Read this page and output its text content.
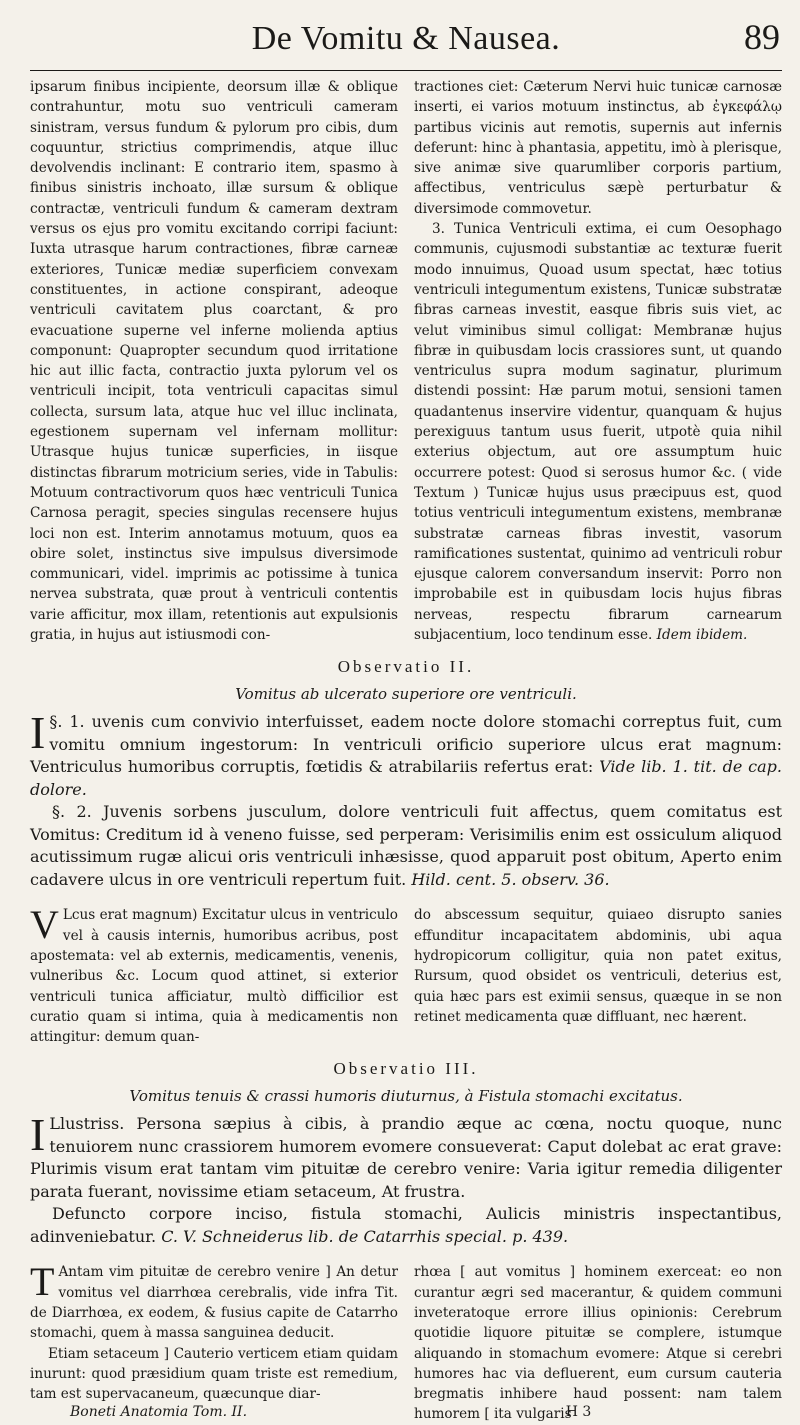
De Vomitu & Nausea.	89

ipsarum finibus incipiente, deorsum illæ & oblique contrahuntur, motu suo ventriculi cameram sinistram, versus fundum & pylorum pro cibis, dum coquuntur, strictius comprimendis, atque illuc devolvendis inclinant: E contrario item, spasmo à finibus sinistris inchoato, illæ sursum & oblique contractæ, ventriculi fundum & cameram dextram versus os ejus pro vomitu excitando corripi faciunt: Iuxta utrasque harum contractiones, fibræ carneæ exteriores, Tunicæ mediæ superficiem convexam constituentes, in actione conspirant, adeoque ventriculi cavitatem plus coarctant, & pro evacuatione superne vel inferne molienda aptius componunt: Quapropter secundum quod irritatione hic aut illic facta, contractio juxta pylorum vel os ventriculi incipit, tota ventriculi capacitas simul collecta, sursum lata, atque huc vel illuc inclinata, egestionem supernam vel infernam mollitur: Utrasque hujus tunicæ superficies, in iisque distinctas fibrarum motricium series, vide in Tabulis: Motuum contractivorum quos hæc ventriculi Tunica Carnosa peragit, species singulas recensere hujus loci non est. Interim annotamus motuum, quos ea obire solet, instinctus sive impulsus diversimode communicari, videl. imprimis ac potissime à tunica nervea substrata, quæ prout à ventriculi contentis varie afficitur, mox illam, retentionis aut expulsionis gratia, in hujus aut istiusmodi con-

tractiones ciet: Cæterum Nervi huic tunicæ carnosæ inserti, ei varios motuum instinctus, ab ἐγκεφάλῳ partibus vicinis aut remotis, supernis aut infernis deferunt: hinc à phantasia, appetitu, imò à plerisque, sive animæ sive quarumliber corporis partium, affectibus, ventriculus sæpè perturbatur & diversimode commovetur.

3. Tunica Ventriculi extima, ei cum Oesophago communis, cujusmodi substantiæ ac texturæ fuerit modo innuimus, Quoad usum spectat, hæc totius ventriculi integumentum existens, Tunicæ substratæ fibras carneas investit, easque fibris suis viet, ac velut viminibus simul colligat: Membranæ hujus fibræ in quibusdam locis crassiores sunt, ut quando ventriculus supra modum saginatur, plurimum distendi possint: Hæ parum motui, sensioni tamen quadantenus inservire videntur, quanquam & hujus perexiguus tantum usus fuerit, utpotè quia nihil exterius objectum, aut ore assumptum huic occurrere potest: Quod si serosus humor &c. ( vide Textum ) Tunicæ hujus usus præcipuus est, quod totius ventriculi integumentum existens, membranæ substratæ carneas fibras investit, vasorum ramificationes sustentat, quinimo ad ventriculi robur ejusque calorem conversandum inservit: Porro non improbabile est in quibusdam locis hujus fibras nerveas, respectu fibrarum carnearum subjacentium, loco tendinum esse. Idem ibidem.

Observatio II.
Vomitus ab ulcerato superiore ore ventriculi.

§. 1.
I	uvenis cum convivio interfuisset, eadem nocte dolore stomachi correptus fuit, cum vomitu omnium ingestorum: In ventriculi orificio superiore ulcus erat magnum: Ventriculus humoribus corruptis, fœtidis & atrabilariis refertus erat: Vide lib. 1. tit. de cap. dolore.

§. 2. Juvenis sorbens jusculum, dolore ventriculi fuit affectus, quem comitatus est Vomitus: Creditum id à veneno fuisse, sed perperam: Verisimilis enim est ossiculum aliquod acutissimum rugæ alicui oris ventriculi inhæsisse, quod apparuit post obitum, Aperto enim cadavere ulcus in ore ventriculi repertum fuit. Hild. cent. 5. observ. 36.

V Lcus erat magnum) Excitatur ulcus in ventriculo vel à causis internis, humoribus acribus, post apostemata: vel ab externis, medicamentis, venenis, vulneribus &c. Locum quod attinet, si exterior ventriculi tunica afficiatur, multò difficilior est curatio quam si intima, quia à medicamentis non attingitur: demum quan-

do abscessum sequitur, quiaeo disrupto sanies effunditur incapacitatem abdominis, ubi aqua hydropicorum colligitur, quia non patet exitus, Rursum, quod obsidet os ventriculi, deterius est, quia hæc pars est eximii sensus, quæque in se non retinet medicamenta quæ diffluant, nec hærent.

Observatio III.
Vomitus tenuis & crassi humoris diuturnus, à Fistula stomachi excitatus.

I Llustriss. Persona sæpius à cibis, à prandio æque ac cœna, noctu quoque, nunc tenuiorem nunc crassiorem humorem evomere consueverat: Caput dolebat ac erat grave: Plurimis visum erat tantam vim pituitæ de cerebro venire: Varia igitur remedia diligenter parata fuerant, novissime etiam setaceum, At frustra.

Defuncto corpore inciso, fistula stomachi, Aulicis ministris inspectantibus, adinveniebatur. C. V. Schneiderus lib. de Catarrhis special. p. 439.

T Antam vim pituitæ de cerebro venire ] An detur vomitus vel diarrhœa cerebralis, vide infra Tit. de Diarrhœa, ex eodem, & fusius capite de Catarrho stomachi, quem à massa sanguinea deducit.

Etiam setaceum ] Cauterio verticem etiam quidam inurunt: quod præsidium quam triste est remedium, tam est supervacaneum, quæcunque diar-

rhœa [ aut vomitus ] hominem exerceat: eo non curantur ægri sed macerantur, & quidem communi inveteratoque errore illius opinionis: Cerebrum quotidie liquore pituitæ se complere, istumque aliquando in stomachum evomere: Atque si cerebri humores hac via defluerent, eum cursum cauteria bregmatis inhibere haud possent: nam talem humorem [ ita vulgaris

Boneti Anatomia Tom. II.	H 3
